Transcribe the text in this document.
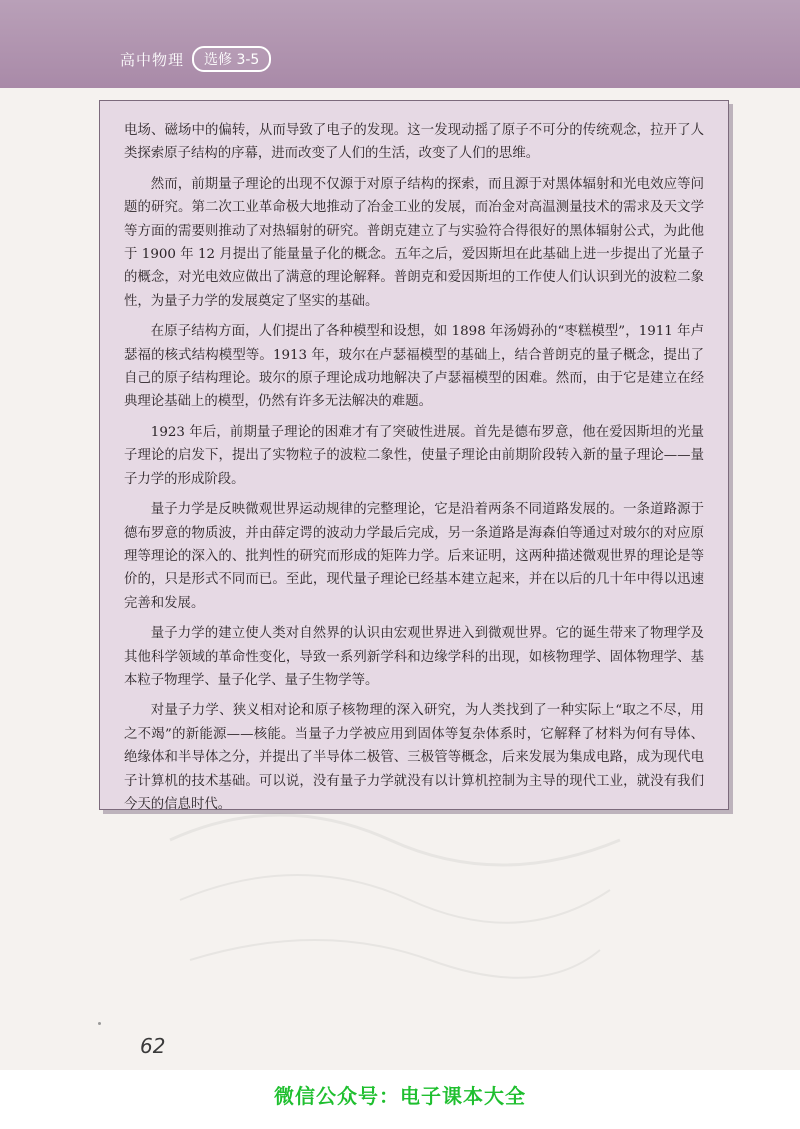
高中物理	选修 3-5

电场、磁场中的偏转，从而导致了电子的发现。这一发现动摇了原子不可分的传统观念，拉开了人类探索原子结构的序幕，进而改变了人们的生活，改变了人们的思维。

然而，前期量子理论的出现不仅源于对原子结构的探索，而且源于对黑体辐射和光电效应等问题的研究。第二次工业革命极大地推动了冶金工业的发展，而冶金对高温测量技术的需求及天文学等方面的需要则推动了对热辐射的研究。普朗克建立了与实验符合得很好的黑体辐射公式，为此他于 1900 年 12 月提出了能量量子化的概念。五年之后，爱因斯坦在此基础上进一步提出了光量子的概念，对光电效应做出了满意的理论解释。普朗克和爱因斯坦的工作使人们认识到光的波粒二象性，为量子力学的发展奠定了坚实的基础。

在原子结构方面，人们提出了各种模型和设想，如 1898 年汤姆孙的“枣糕模型”，1911 年卢瑟福的核式结构模型等。1913 年，玻尔在卢瑟福模型的基础上，结合普朗克的量子概念，提出了自己的原子结构理论。玻尔的原子理论成功地解决了卢瑟福模型的困难。然而，由于它是建立在经典理论基础上的模型，仍然有许多无法解决的难题。

1923 年后，前期量子理论的困难才有了突破性进展。首先是德布罗意，他在爱因斯坦的光量子理论的启发下，提出了实物粒子的波粒二象性，使量子理论由前期阶段转入新的量子理论——量子力学的形成阶段。

量子力学是反映微观世界运动规律的完整理论，它是沿着两条不同道路发展的。一条道路源于德布罗意的物质波，并由薛定谔的波动力学最后完成，另一条道路是海森伯等通过对玻尔的对应原理等理论的深入的、批判性的研究而形成的矩阵力学。后来证明，这两种描述微观世界的理论是等价的，只是形式不同而已。至此，现代量子理论已经基本建立起来，并在以后的几十年中得以迅速完善和发展。

量子力学的建立使人类对自然界的认识由宏观世界进入到微观世界。它的诞生带来了物理学及其他科学领域的革命性变化，导致一系列新学科和边缘学科的出现，如核物理学、固体物理学、基本粒子物理学、量子化学、量子生物学等。

对量子力学、狭义相对论和原子核物理的深入研究，为人类找到了一种实际上“取之不尽，用之不竭”的新能源——核能。当量子力学被应用到固体等复杂体系时，它解释了材料为何有导体、绝缘体和半导体之分，并提出了半导体二极管、三极管等概念，后来发展为集成电路，成为现代电子计算机的技术基础。可以说，没有量子力学就没有以计算机控制为主导的现代工业，就没有我们今天的信息时代。

62
微信公众号：电子课本大全
